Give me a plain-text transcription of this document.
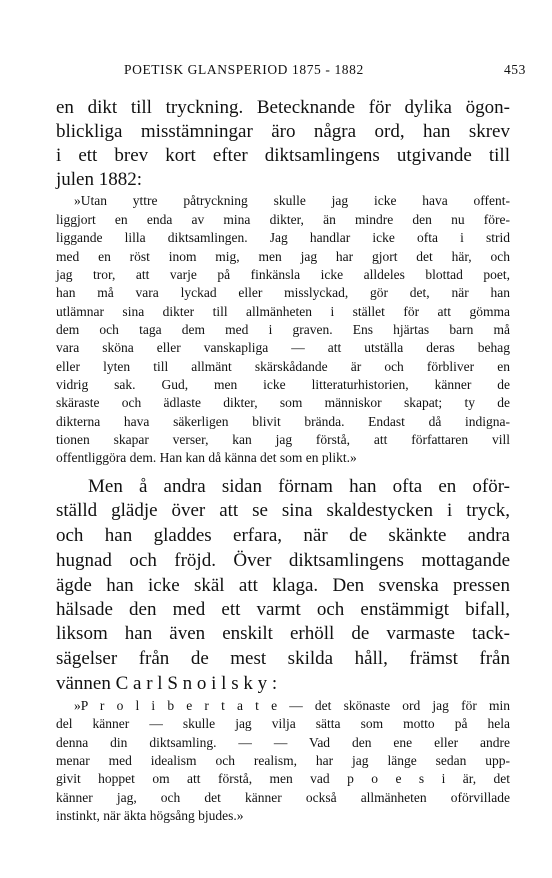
POETISK GLANSPERIOD 1875 - 1882	453

en dikt till tryckning. Betecknande för dylika ögon-

blickliga misstämningar äro några ord, han skrev

i ett brev kort efter diktsamlingens utgivande till

julen 1882:

»Utan yttre påtryckning skulle jag icke hava offent-

liggjort en enda av mina dikter, än mindre den nu före-

liggande lilla diktsamlingen. Jag handlar icke ofta i strid

med en röst inom mig, men jag har gjort det här, och

jag tror, att varje på finkänsla icke alldeles blottad poet,

han må vara lyckad eller misslyckad, gör det, när han

utlämnar sina dikter till allmänheten i stället för att gömma

dem och taga dem med i graven. Ens hjärtas barn må

vara sköna eller vanskapliga — att utställa deras behag

eller lyten till allmänt skärskådande är och förbliver en

vidrig sak. Gud, men icke litteraturhistorien, känner de

skäraste och ädlaste dikter, som människor skapat; ty de

dikterna hava säkerligen blivit brända. Endast då indigna-

tionen skapar verser, kan jag förstå, att författaren vill

offentliggöra dem. Han kan då känna det som en plikt.»

Men å andra sidan förnam han ofta en oför-

ställd glädje över att se sina skaldestycken i tryck,

och han gladdes erfara, när de skänkte andra

hugnad och fröjd. Över diktsamlingens mottagande

ägde han icke skäl att klaga. Den svenska pressen

hälsade den med ett varmt och enstämmigt bifall,

liksom han även enskilt erhöll de varmaste tack-

sägelser från de mest skilda håll, främst från

vännen C a r l S n o i l s k y :

»P r o l i b e r t a t e — det skönaste ord jag för min

del känner — skulle jag vilja sätta som motto på hela

denna din diktsamling. — — Vad den ene eller andre

menar med idealism och realism, har jag länge sedan upp-

givit hoppet om att förstå, men vad p o e s i är, det

känner jag, och det känner också allmänheten oförvillade

instinkt, när äkta högsång bjudes.»
